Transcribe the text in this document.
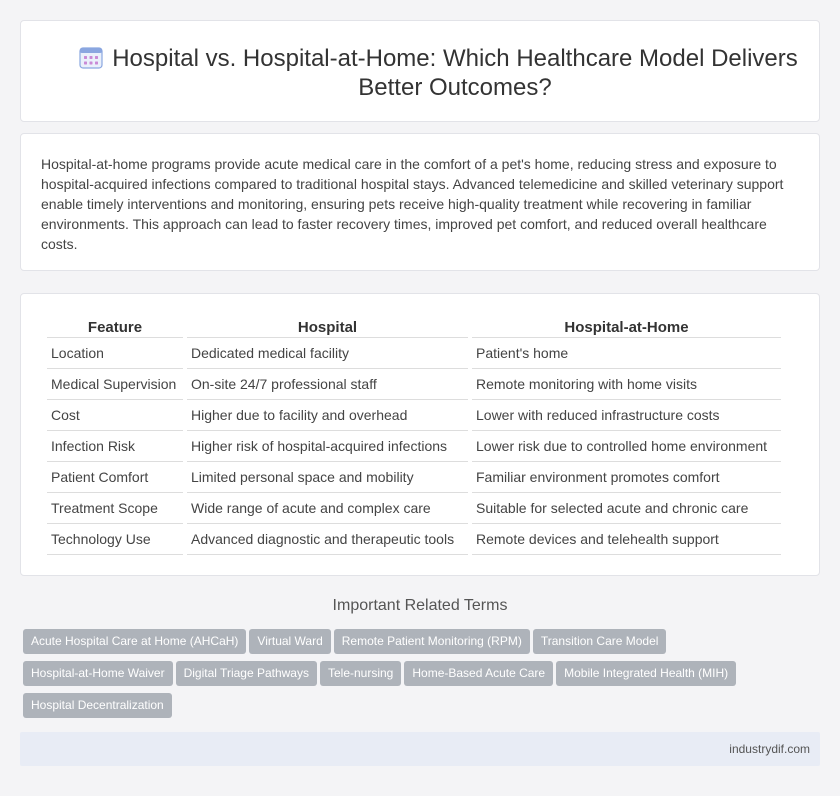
Hospital vs. Hospital-at-Home: Which Healthcare Model Delivers Better Outcomes?

Hospital-at-home programs provide acute medical care in the comfort of a pet's home, reducing stress and exposure to hospital-acquired infections compared to traditional hospital stays. Advanced telemedicine and skilled veterinary support enable timely interventions and monitoring, ensuring pets receive high-quality treatment while recovering in familiar environments. This approach can lead to faster recovery times, improved pet comfort, and reduced overall healthcare costs.

Feature	Hospital	Hospital-at-Home
Location	Dedicated medical facility	Patient's home
Medical Supervision	On-site 24/7 professional staff	Remote monitoring with home visits
Cost	Higher due to facility and overhead	Lower with reduced infrastructure costs
Infection Risk	Higher risk of hospital-acquired infections	Lower risk due to controlled home environment
Patient Comfort	Limited personal space and mobility	Familiar environment promotes comfort
Treatment Scope	Wide range of acute and complex care	Suitable for selected acute and chronic care
Technology Use	Advanced diagnostic and therapeutic tools	Remote devices and telehealth support
Important Related Terms
Acute Hospital Care at Home (AHCaH) Virtual Ward Remote Patient Monitoring (RPM) Transition Care Model
Hospital-at-Home Waiver Digital Triage Pathways Tele-nursing Home-Based Acute Care Mobile Integrated Health (MIH)
Hospital Decentralization
industrydif.com
